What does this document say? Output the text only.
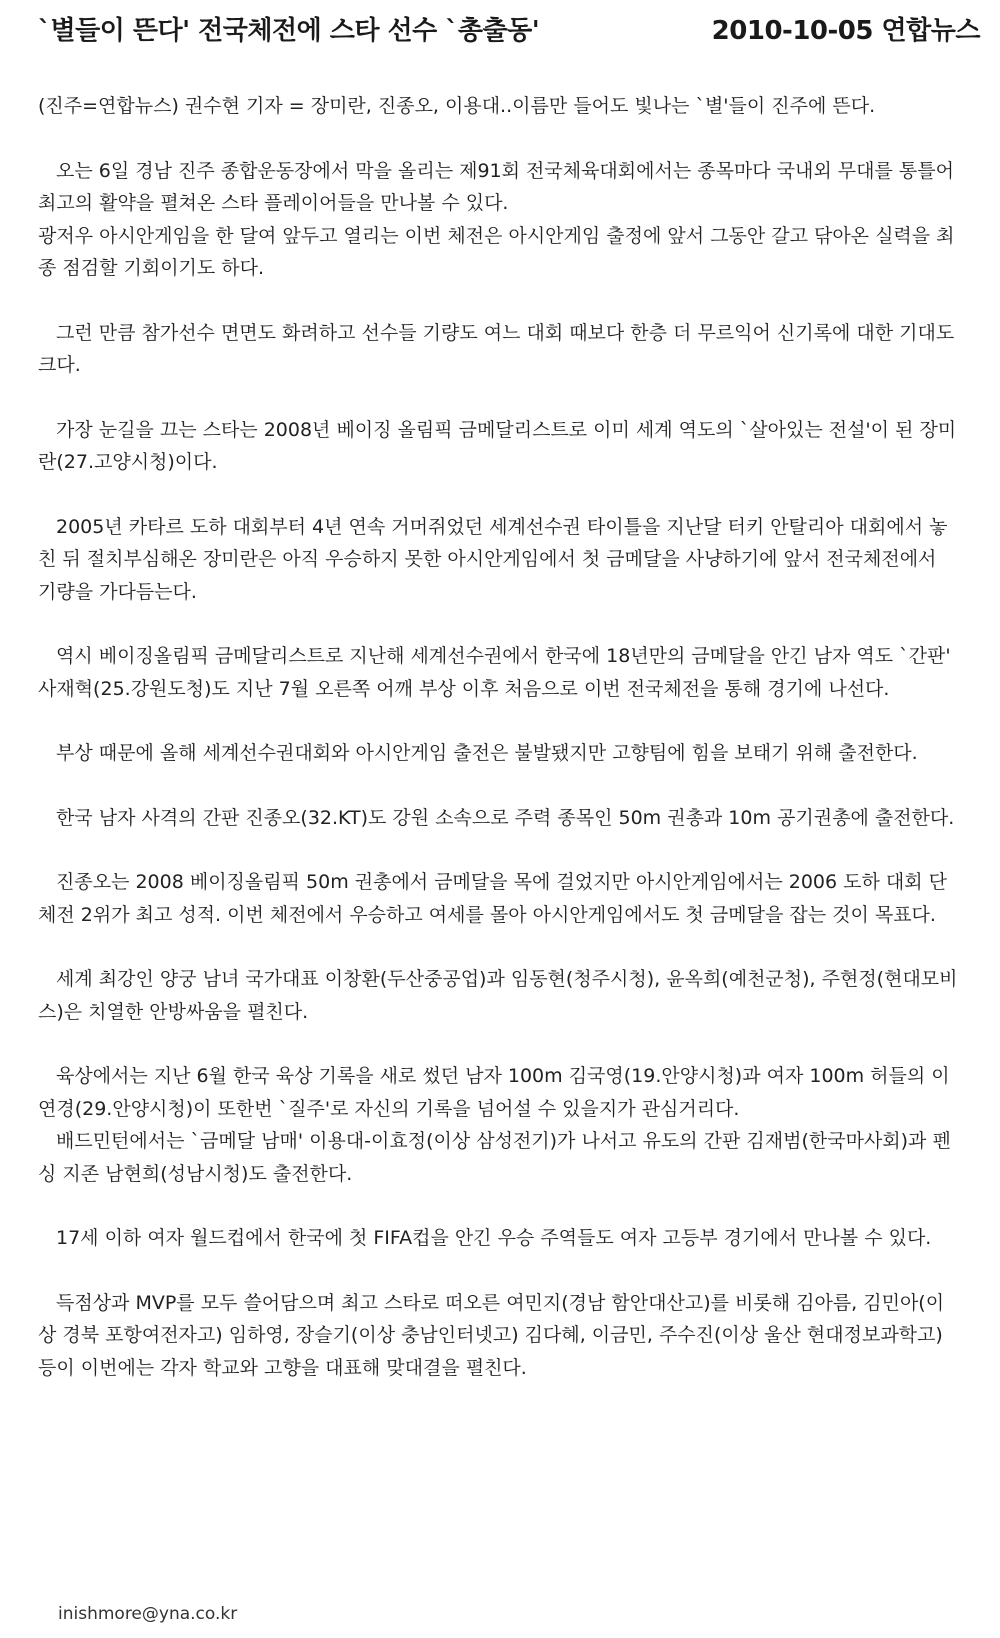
`별들이 뜬다' 전국체전에 스타 선수 `총출동'	2010-10-05 연합뉴스

(진주=연합뉴스) 권수현 기자 = 장미란, 진종오, 이용대..이름만 들어도 빛나는 `별'들이 진주에 뜬다.

오는 6일 경남 진주 종합운동장에서 막을 올리는 제91회 전국체육대회에서는 종목마다 국내외 무대를 통틀어 최고의 활약을 펼쳐온 스타 플레이어들을 만나볼 수 있다.

광저우 아시안게임을 한 달여 앞두고 열리는 이번 체전은 아시안게임 출정에 앞서 그동안 갈고 닦아온 실력을 최종 점검할 기회이기도 하다.

그런 만큼 참가선수 면면도 화려하고 선수들 기량도 여느 대회 때보다 한층 더 무르익어 신기록에 대한 기대도 크다.

가장 눈길을 끄는 스타는 2008년 베이징 올림픽 금메달리스트로 이미 세계 역도의 `살아있는 전설'이 된 장미란(27.고양시청)이다.

2005년 카타르 도하 대회부터 4년 연속 거머쥐었던 세계선수권 타이틀을 지난달 터키 안탈리아 대회에서 놓친 뒤 절치부심해온 장미란은 아직 우승하지 못한 아시안게임에서 첫 금메달을 사냥하기에 앞서 전국체전에서 기량을 가다듬는다.

역시 베이징올림픽 금메달리스트로 지난해 세계선수권에서 한국에 18년만의 금메달을 안긴 남자 역도 `간판' 사재혁(25.강원도청)도 지난 7월 오른쪽 어깨 부상 이후 처음으로 이번 전국체전을 통해 경기에 나선다.

부상 때문에 올해 세계선수권대회와 아시안게임 출전은 불발됐지만 고향팀에 힘을 보태기 위해 출전한다.

한국 남자 사격의 간판 진종오(32.KT)도 강원 소속으로 주력 종목인 50m 권총과 10m 공기권총에 출전한다.

진종오는 2008 베이징올림픽 50m 권총에서 금메달을 목에 걸었지만 아시안게임에서는 2006 도하 대회 단체전 2위가 최고 성적. 이번 체전에서 우승하고 여세를 몰아 아시안게임에서도 첫 금메달을 잡는 것이 목표다.

세계 최강인 양궁 남녀 국가대표 이창환(두산중공업)과 임동현(청주시청), 윤옥희(예천군청), 주현정(현대모비스)은 치열한 안방싸움을 펼친다.

육상에서는 지난 6월 한국 육상 기록을 새로 썼던 남자 100m 김국영(19.안양시청)과 여자 100m 허들의 이연경(29.안양시청)이 또한번 `질주'로 자신의 기록을 넘어설 수 있을지가 관심거리다.

배드민턴에서는 `금메달 남매' 이용대-이효정(이상 삼성전기)가 나서고 유도의 간판 김재범(한국마사회)과 펜싱 지존 남현희(성남시청)도 출전한다.

17세 이하 여자 월드컵에서 한국에 첫 FIFA컵을 안긴 우승 주역들도 여자 고등부 경기에서 만나볼 수 있다.

득점상과 MVP를 모두 쓸어담으며 최고 스타로 떠오른 여민지(경남 함안대산고)를 비롯해 김아름, 김민아(이상 경북 포항여전자고) 임하영, 장슬기(이상 충남인터넷고) 김다혜, 이금민, 주수진(이상 울산 현대정보과학고) 등이 이번에는 각자 학교와 고향을 대표해 맞대결을 펼친다.

inishmore@yna.co.kr
